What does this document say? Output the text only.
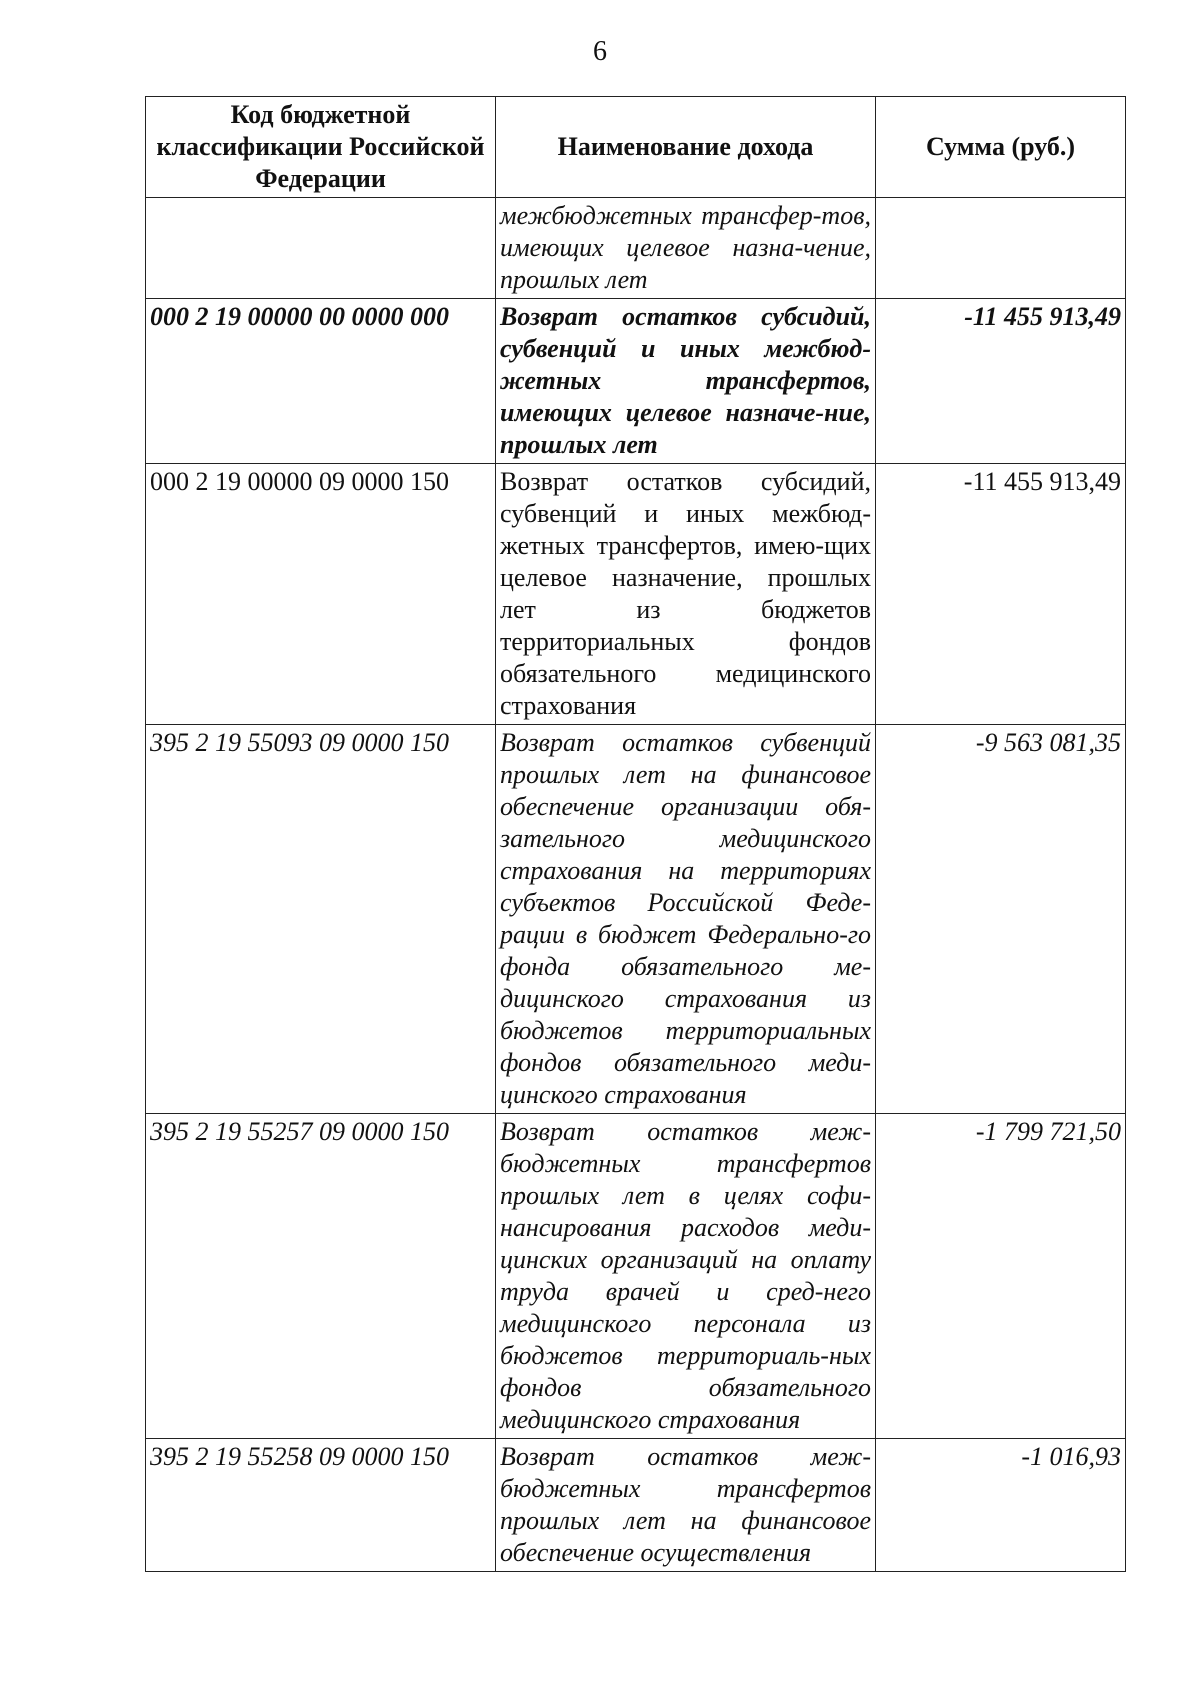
6
Код бюджетной классификации Российской Федерации	Наименование дохода	Сумма (руб.)
	межбюджетных трансфер-тов, имеющих целевое назна-чение, прошлых лет	
000 2 19 00000 00 0000 000	Возврат остатков субсидий, субвенций и иных межбюд-жетных трансфертов, имеющих целевое назначе-ние, прошлых лет	-11 455 913,49
000 2 19 00000 09 0000 150	Возврат остатков субсидий, субвенций и иных межбюд-жетных трансфертов, имею-щих целевое назначение, прошлых лет из бюджетов территориальных фондов обязательного медицинского страхования	-11 455 913,49
395 2 19 55093 09 0000 150	Возврат остатков субвенций прошлых лет на финансовое обеспечение организации обя-зательного медицинского страхования на территориях субъектов Российской Феде-рации в бюджет Федерально-го фонда обязательного ме-дицинского страхования из бюджетов территориальных фондов обязательного меди-цинского страхования	-9 563 081,35
395 2 19 55257 09 0000 150	Возврат остатков меж-бюджетных трансфертов прошлых лет в целях софи-нансирования расходов меди-цинских организаций на оплату труда врачей и сред-него медицинского персонала из бюджетов территориаль-ных фондов обязательного медицинского страхования	-1 799 721,50
395 2 19 55258 09 0000 150	Возврат остатков меж-бюджетных трансфертов прошлых лет на финансовое обеспечение осуществления	-1 016,93
